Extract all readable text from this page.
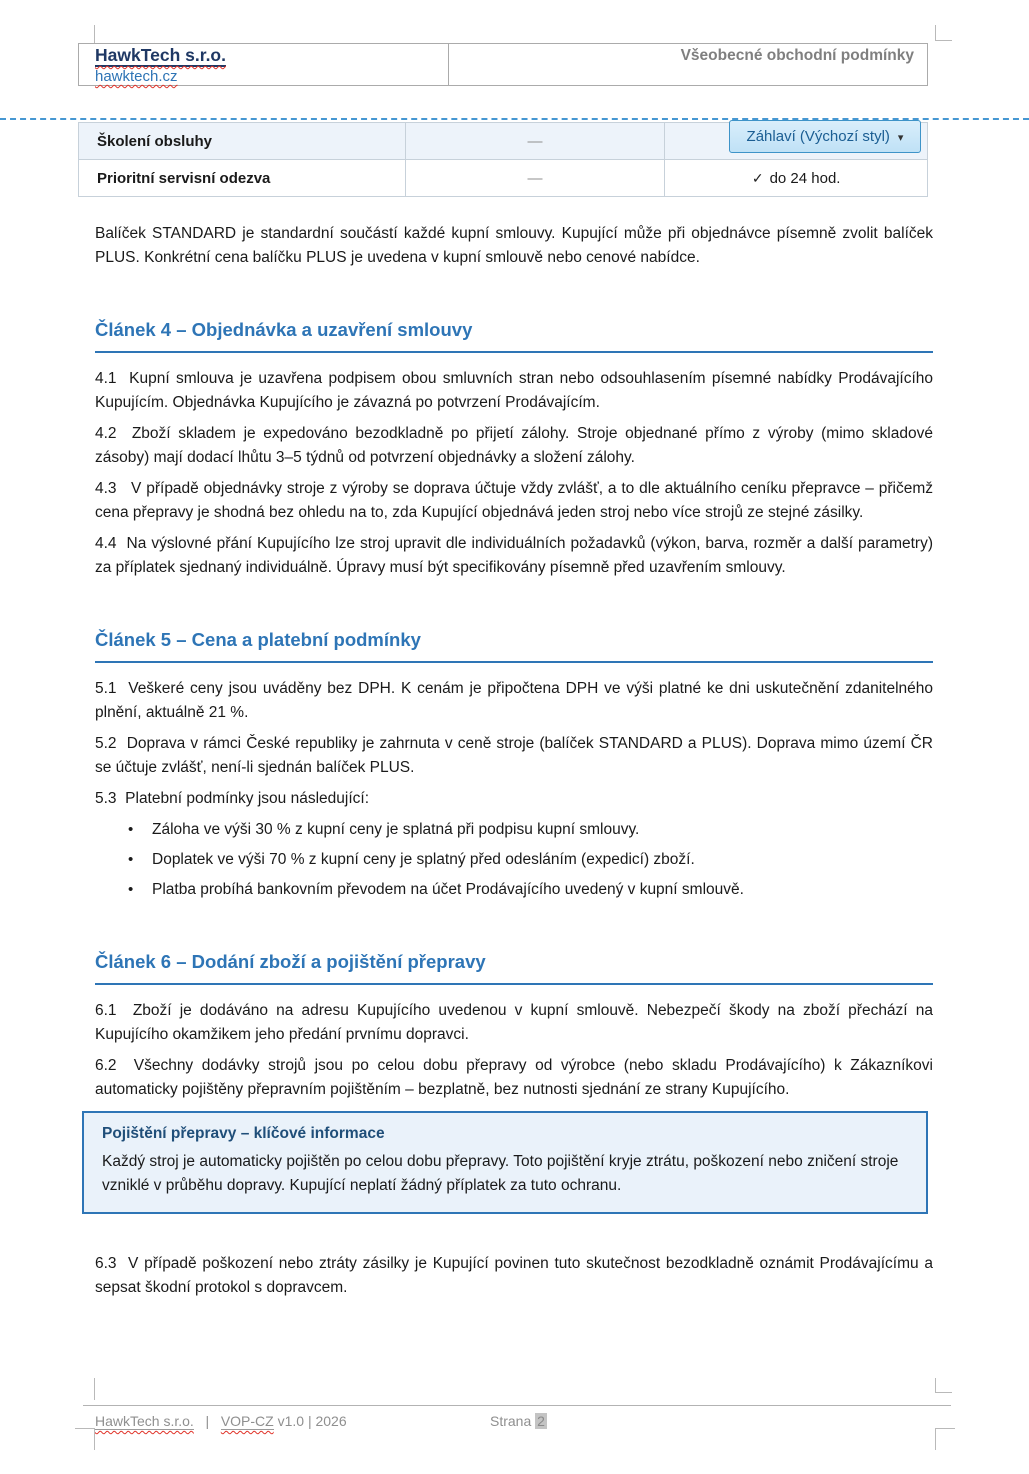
HawkTech s.r.o.
hawktech.cz
Všeobecné obchodní podmínky
Školení obsluhy	—	
Prioritní servisní odezva	—	✓ do 24 hod.
Záhlaví (Výchozí styl) ▾

Balíček STANDARD je standardní součástí každé kupní smlouvy. Kupující může při objednávce písemně zvolit balíček PLUS. Konkrétní cena balíčku PLUS je uvedena v kupní smlouvě nebo cenové nabídce.

Článek 4 – Objednávka a uzavření smlouvy

4.1  Kupní smlouva je uzavřena podpisem obou smluvních stran nebo odsouhlasením písemné nabídky Prodávajícího Kupujícím. Objednávka Kupujícího je závazná po potvrzení Prodávajícím.

4.2  Zboží skladem je expedováno bezodkladně po přijetí zálohy. Stroje objednané přímo z výroby (mimo skladové zásoby) mají dodací lhůtu 3–5 týdnů od potvrzení objednávky a složení zálohy.

4.3   V případě objednávky stroje z výroby se doprava účtuje vždy zvlášť, a to dle aktuálního ceníku přepravce – přičemž cena přepravy je shodná bez ohledu na to, zda Kupující objednává jeden stroj nebo více strojů ze stejné zásilky.

4.4  Na výslovné přání Kupujícího lze stroj upravit dle individuálních požadavků (výkon, barva, rozměr a další parametry) za příplatek sjednaný individuálně. Úpravy musí být specifikovány písemně před uzavřením smlouvy.

Článek 5 – Cena a platební podmínky

5.1  Veškeré ceny jsou uváděny bez DPH. K cenám je připočtena DPH ve výši platné ke dni uskutečnění zdanitelného plnění, aktuálně 21 %.

5.2  Doprava v rámci České republiky je zahrnuta v ceně stroje (balíček STANDARD a PLUS). Doprava mimo území ČR se účtuje zvlášť, není-li sjednán balíček PLUS.

5.3  Platební podmínky jsou následující:

• Záloha ve výši 30 % z kupní ceny je splatná při podpisu kupní smlouvy.
• Doplatek ve výši 70 % z kupní ceny je splatný před odesláním (expedicí) zboží.
• Platba probíhá bankovním převodem na účet Prodávajícího uvedený v kupní smlouvě.
Článek 6 – Dodání zboží a pojištění přepravy

6.1  Zboží je dodáváno na adresu Kupujícího uvedenou v kupní smlouvě. Nebezpečí škody na zboží přechází na Kupujícího okamžikem jeho předání prvnímu dopravci.

6.2  Všechny dodávky strojů jsou po celou dobu přepravy od výrobce (nebo skladu Prodávajícího) k Zákazníkovi automaticky pojištěny přepravním pojištěním – bezplatně, bez nutnosti sjednání ze strany Kupujícího.

Pojištění přepravy – klíčové informace

Každý stroj je automaticky pojištěn po celou dobu přepravy. Toto pojištění kryje ztrátu, poškození nebo zničení stroje vzniklé v průběhu dopravy. Kupující neplatí žádný příplatek za tuto ochranu.

6.3  V případě poškození nebo ztráty zásilky je Kupující povinen tuto skutečnost bezodkladně oznámit Prodávajícímu a sepsat škodní protokol s dopravcem.

HawkTech s.r.o. | VOP-CZ v1.0 | 2026	Strana 2
